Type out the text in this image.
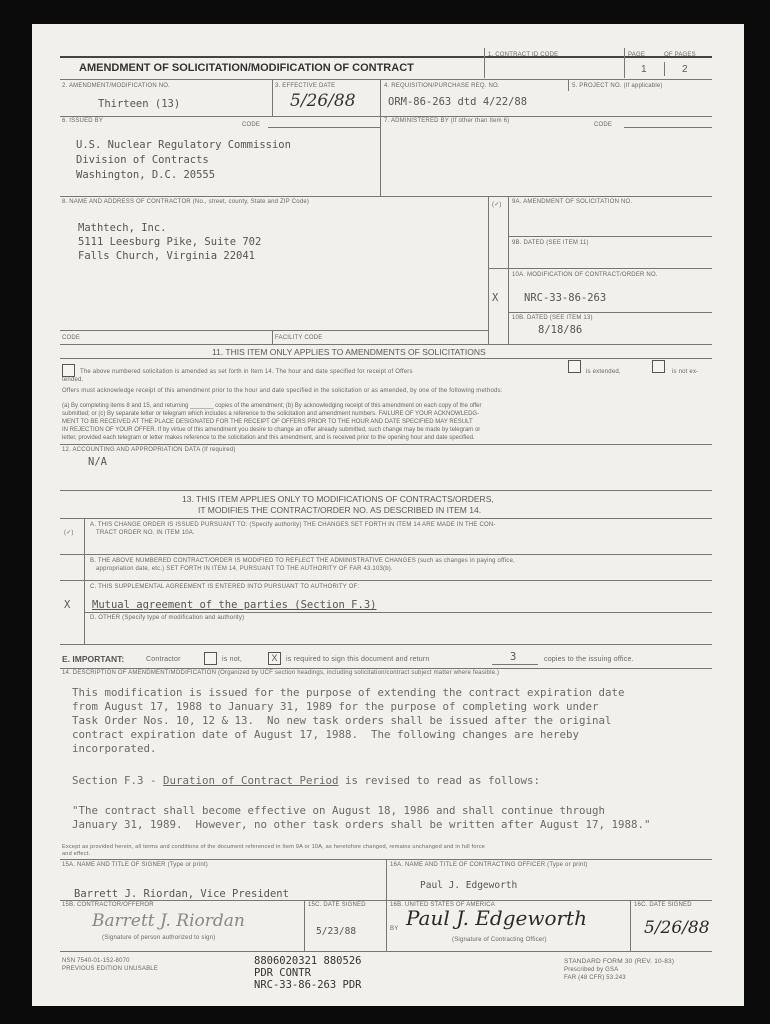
AMENDMENT OF SOLICITATION/MODIFICATION OF CONTRACT
1. CONTRACT ID CODE	PAGE	OF PAGES
1	2
2. AMENDMENT/MODIFICATION NO.
Thirteen (13)
3. EFFECTIVE DATE
5/26/88
4. REQUISITION/PURCHASE REQ. NO.
ORM-86-263 dtd 4/22/88
5. PROJECT NO. (If applicable)
6. ISSUED BY
CODE
U.S. Nuclear Regulatory Commission
Division of Contracts
Washington, D.C. 20555
7. ADMINISTERED BY (If other than Item 6)
CODE
8. NAME AND ADDRESS OF CONTRACTOR (No., street, county, State and ZIP Code)
Mathtech, Inc.
5111 Leesburg Pike, Suite 702
Falls Church, Virginia 22041
(✓) 9A. AMENDMENT OF SOLICITATION NO.
9B. DATED (SEE ITEM 11)
10A. MODIFICATION OF CONTRACT/ORDER NO.
X NRC-33-86-263
10B. DATED (SEE ITEM 13)
8/18/86
CODE	FACILITY CODE
11. THIS ITEM ONLY APPLIES TO AMENDMENTS OF SOLICITATIONS
The above numbered solicitation is amended as set forth in Item 14. The hour and date specified for receipt of Offers	is extended,	is not ex-
tended.
Offers must acknowledge receipt of this amendment prior to the hour and date specified in the solicitation or as amended, by one of the following methods:
(a) By completing items 8 and 15, and returning _______ copies of the amendment; (b) By acknowledging receipt of this amendment on each copy of the offer
submitted; or (c) By separate letter or telegram which includes a reference to the solicitation and amendment numbers. FAILURE OF YOUR ACKNOWLEDG-
MENT TO BE RECEIVED AT THE PLACE DESIGNATED FOR THE RECEIPT OF OFFERS PRIOR TO THE HOUR AND DATE SPECIFIED MAY RESULT
IN REJECTION OF YOUR OFFER. If by virtue of this amendment you desire to change an offer already submitted, such change may be made by telegram or
letter, provided each telegram or letter makes reference to the solicitation and this amendment, and is received prior to the opening hour and date specified.
12. ACCOUNTING AND APPROPRIATION DATA (If required)
N/A
13. THIS ITEM APPLIES ONLY TO MODIFICATIONS OF CONTRACTS/ORDERS,
IT MODIFIES THE CONTRACT/ORDER NO. AS DESCRIBED IN ITEM 14.
(✓)
A. THIS CHANGE ORDER IS ISSUED PURSUANT TO: (Specify authority) THE CHANGES SET FORTH IN ITEM 14 ARE MADE IN THE CON-
TRACT ORDER NO. IN ITEM 10A.
B. THE ABOVE NUMBERED CONTRACT/ORDER IS MODIFIED TO REFLECT THE ADMINISTRATIVE CHANGES (such as changes in paying office,
appropriation date, etc.) SET FORTH IN ITEM 14, PURSUANT TO THE AUTHORITY OF FAR 43.103(b).
C. THIS SUPPLEMENTAL AGREEMENT IS ENTERED INTO PURSUANT TO AUTHORITY OF:
X Mutual agreement of the parties (Section F.3)
D. OTHER (Specify type of modification and authority)
E. IMPORTANT:	Contractor	is not,	X	is required to sign this document and return	3	copies to the issuing office.
14. DESCRIPTION OF AMENDMENT/MODIFICATION (Organized by UCF section headings, including solicitation/contract subject matter where feasible.)
This modification is issued for the purpose of extending the contract expiration date
from August 17, 1988 to January 31, 1989 for the purpose of completing work under
Task Order Nos. 10, 12 & 13.  No new task orders shall be issued after the original
contract expiration date of August 17, 1988.  The following changes are hereby
incorporated.
Section F.3 - Duration of Contract Period is revised to read as follows:
"The contract shall become effective on August 18, 1986 and shall continue through
January 31, 1989.  However, no other task orders shall be written after August 17, 1988."
Except as provided herein, all terms and conditions of the document referenced in Item 9A or 10A, as heretofore changed, remains unchanged and in full force
and effect.
15A. NAME AND TITLE OF SIGNER (Type or print)
Barrett J. Riordan, Vice President
16A. NAME AND TITLE OF CONTRACTING OFFICER (Type or print)
Paul J. Edgeworth
15B. CONTRACTOR/OFFEROR
Barrett J. Riordan
(Signature of person authorized to sign)
15C. DATE SIGNED
5/23/88
16B. UNITED STATES OF AMERICA
BY Paul J. Edgeworth
(Signature of Contracting Officer)
16C. DATE SIGNED
5/26/88
NSN 7540-01-152-8070
PREVIOUS EDITION UNUSABLE
8806020321 880526
PDR CONTR
NRC-33-86-263 PDR
STANDARD FORM 30 (REV. 10-83)
Prescribed by GSA
FAR (48 CFR) 53.243
